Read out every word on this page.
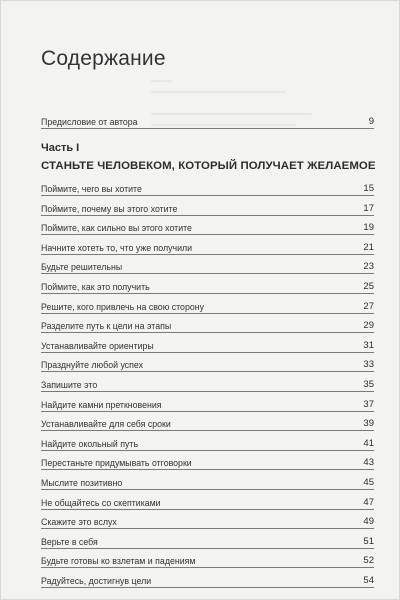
▁▁▁▁
▁▁▁▁▁▁▁▁▁▁▁▁▁▁▁▁▁▁▁▁▁▁▁▁▁

▁▁▁▁▁▁▁▁▁▁▁▁▁▁▁▁▁▁▁▁▁▁▁▁▁▁▁▁▁▁
▁▁▁▁▁▁▁▁▁▁▁▁▁▁▁▁▁▁▁▁▁▁▁▁▁▁▁
Содержание
Предисловие от автора	9
Часть I
СТАНЬТЕ ЧЕЛОВЕКОМ, КОТОРЫЙ ПОЛУЧАЕТ ЖЕЛАЕМОЕ
Поймите, чего вы хотите	15
Поймите, почему вы этого хотите	17
Поймите, как сильно вы этого хотите	19
Начните хотеть то, что уже получили	21
Будьте решительны	23
Поймите, как это получить	25
Решите, кого привлечь на свою сторону	27
Разделите путь к цели на этапы	29
Устанавливайте ориентиры	31
Празднуйте любой успех	33
Запишите это	35
Найдите камни преткновения	37
Устанавливайте для себя сроки	39
Найдите окольный путь	41
Перестаньте придумывать отговорки	43
Мыслите позитивно	45
Не общайтесь со скептиками	47
Скажите это вслух	49
Верьте в себя	51
Будьте готовы ко взлетам и падениям	52
Радуйтесь, достигнув цели	54
